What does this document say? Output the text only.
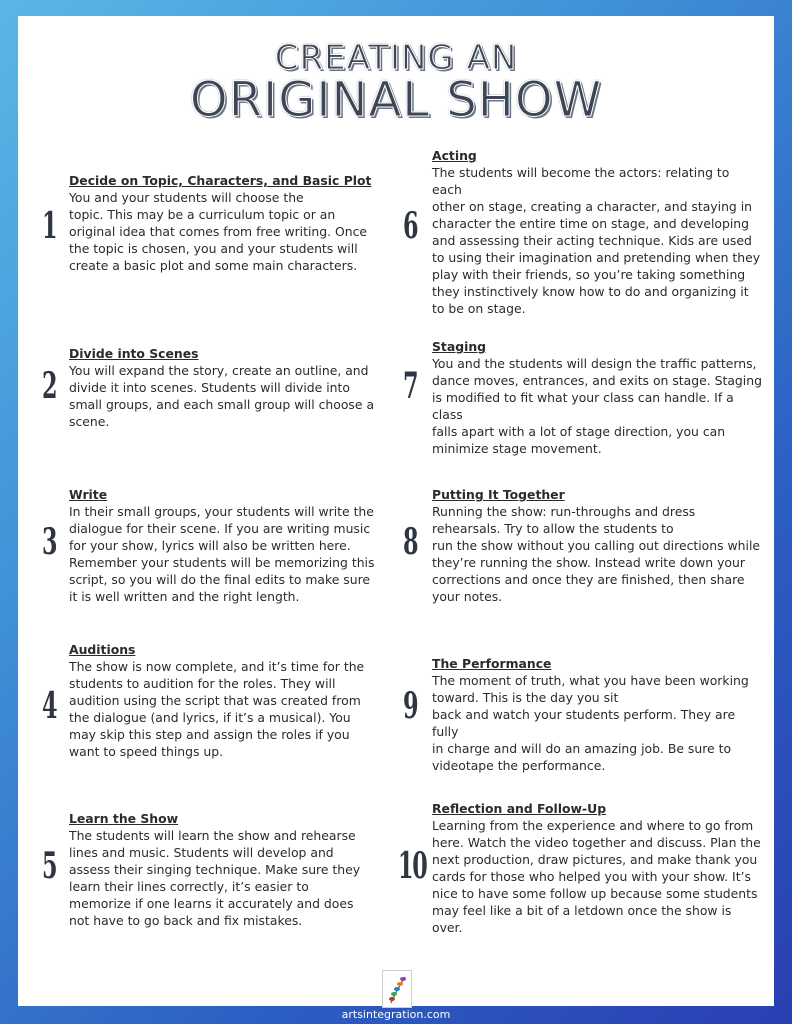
CREATING AN
ORIGINAL SHOW
1
Decide on Topic, Characters, and Basic Plot
You and your students will choose the
topic. This may be a curriculum topic or an
original idea that comes from free writing. Once
the topic is chosen, you and your students will
create a basic plot and some main characters.
2
Divide into Scenes
You will expand the story, create an outline, and
divide it into scenes. Students will divide into
small groups, and each small group will choose a
scene.
3
Write
In their small groups, your students will write the
dialogue for their scene. If you are writing music
for your show, lyrics will also be written here.
Remember your students will be memorizing this
script, so you will do the final edits to make sure
it is well written and the right length.
4
Auditions
The show is now complete, and it’s time for the
students to audition for the roles. They will
audition using the script that was created from
the dialogue (and lyrics, if it’s a musical). You
may skip this step and assign the roles if you
want to speed things up.
5
Learn the Show
The students will learn the show and rehearse
lines and music. Students will develop and
assess their singing technique. Make sure they
learn their lines correctly, it’s easier to
memorize if one learns it accurately and does
not have to go back and fix mistakes.
6
Acting
The students will become the actors: relating to each
other on stage, creating a character, and staying in
character the entire time on stage, and developing
and assessing their acting technique. Kids are used
to using their imagination and pretending when they
play with their friends, so you’re taking something
they instinctively know how to do and organizing it
to be on stage.
7
Staging
You and the students will design the traffic patterns,
dance moves, entrances, and exits on stage. Staging
is modified to fit what your class can handle. If a class
falls apart with a lot of stage direction, you can
minimize stage movement.
8
Putting It Together
Running the show: run-throughs and dress
rehearsals. Try to allow the students to
run the show without you calling out directions while
they’re running the show. Instead write down your
corrections and once they are finished, then share
your notes.
9
The Performance
The moment of truth, what you have been working
toward. This is the day you sit
back and watch your students perform. They are fully
in charge and will do an amazing job. Be sure to
videotape the performance.
10
Reflection and Follow-Up
Learning from the experience and where to go from
here. Watch the video together and discuss. Plan the
next production, draw pictures, and make thank you
cards for those who helped you with your show. It’s
nice to have some follow up because some students
may feel like a bit of a letdown once the show is
over.
artsintegration.com
